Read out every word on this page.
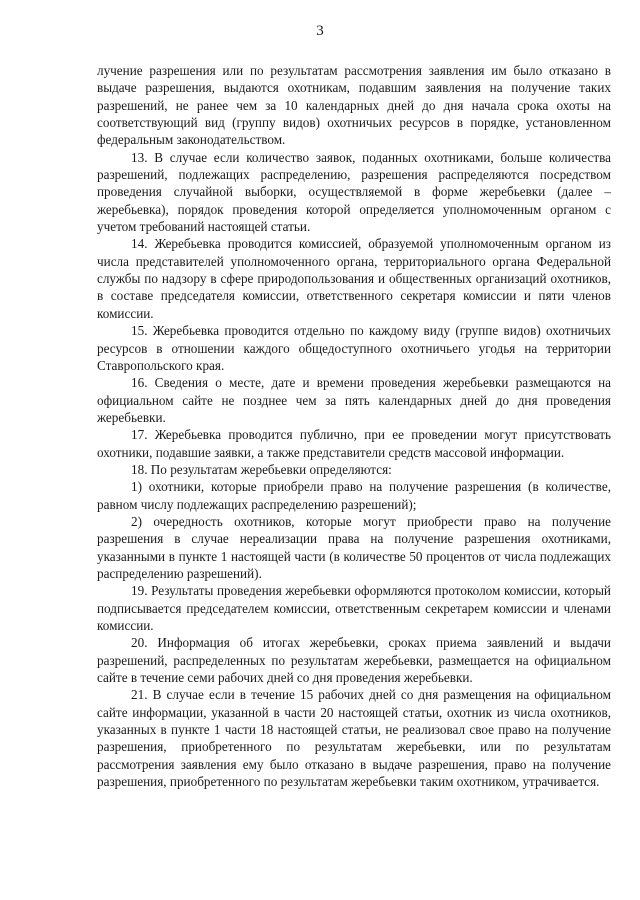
3

лучение разрешения или по результатам рассмотрения заявления им было отказано в выдаче разрешения, выдаются охотникам, подавшим заявления на получение таких разрешений, не ранее чем за 10 календарных дней до дня начала срока охоты на соответствующий вид (группу видов) охотничьих ресурсов в порядке, установленном федеральным законодательством.

13. В случае если количество заявок, поданных охотниками, больше количества разрешений, подлежащих распределению, разрешения распределяются посредством проведения случайной выборки, осуществляемой в форме жеребьевки (далее – жеребьевка), порядок проведения которой определяется уполномоченным органом с учетом требований настоящей статьи.

14. Жеребьевка проводится комиссией, образуемой уполномоченным органом из числа представителей уполномоченного органа, территориального органа Федеральной службы по надзору в сфере природопользования и общественных организаций охотников, в составе председателя комиссии, ответственного секретаря комиссии и пяти членов комиссии.

15. Жеребьевка проводится отдельно по каждому виду (группе видов) охотничьих ресурсов в отношении каждого общедоступного охотничьего угодья на территории Ставропольского края.

16. Сведения о месте, дате и времени проведения жеребьевки размещаются на официальном сайте не позднее чем за пять календарных дней до дня проведения жеребьевки.

17. Жеребьевка проводится публично, при ее проведении могут присутствовать охотники, подавшие заявки, а также представители средств массовой информации.

18. По результатам жеребьевки определяются:

1) охотники, которые приобрели право на получение разрешения (в количестве, равном числу подлежащих распределению разрешений);

2) очередность охотников, которые могут приобрести право на получение разрешения в случае нереализации права на получение разрешения охотниками, указанными в пункте 1 настоящей части (в количестве 50 процентов от числа подлежащих распределению разрешений).

19. Результаты проведения жеребьевки оформляются протоколом комиссии, который подписывается председателем комиссии, ответственным секретарем комиссии и членами комиссии.

20. Информация об итогах жеребьевки, сроках приема заявлений и выдачи разрешений, распределенных по результатам жеребьевки, размещается на официальном сайте в течение семи рабочих дней со дня проведения жеребьевки.

21. В случае если в течение 15 рабочих дней со дня размещения на официальном сайте информации, указанной в части 20 настоящей статьи, охотник из числа охотников, указанных в пункте 1 части 18 настоящей статьи, не реализовал свое право на получение разрешения, приобретенного по результатам жеребьевки, или по результатам рассмотрения заявления ему было отказано в выдаче разрешения, право на получение разрешения, приобретенного по результатам жеребьевки таким охотником, утрачивается.
